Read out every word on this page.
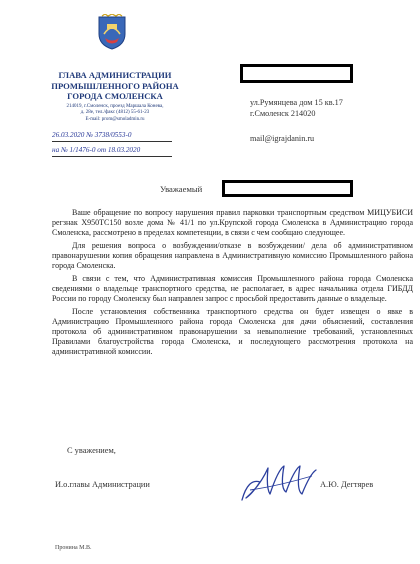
ГЛАВА АДМИНИСТРАЦИИ
ПРОМЫШЛЕННОГО РАЙОНА
ГОРОДА СМОЛЕНСКА
214019, г.Смоленск, проезд Маршала Конева,
д. 28е, тел./факс (4812) 55-61-23
E-mail: prom@smoladmin.ru
26.03.2020 № 3738/0553-0
на № 1/1476-0 от 18.03.2020
ул.Румянцева дом 15 кв.17
г.Смоленск 214020
mail@igrajdanin.ru
Уважаемый

Ваше обращение по вопросу нарушения правил парковки транспортным средством МИЦУБИСИ регзнак Х950ТС150 возле дома № 41/1 по ул.Крупской города Смоленска в Администрацию города Смоленска, рассмотрено в пределах компетенции, в связи с чем сообщаю следующее.

Для решения вопроса о возбуждении/отказе в возбуждении/ дела об административном правонарушении копия обращения направлена в Административную комиссию Промышленного района города Смоленска.

В связи с тем, что Административная комиссия Промышленного района города Смоленска сведениями о владельце транспортного средства, не располагает, в адрес начальника отдела ГИБДД России по городу Смоленску был направлен запрос с просьбой предоставить данные о владельце.

После установления собственника транспортного средства он будет извещен о явке в Администрацию Промышленного района города Смоленска для дачи объяснений, составления протокола об административном правонарушении за невыполнение требований, установленных Правилами благоустройства города Смоленска, и последующего рассмотрения протокола на административной комиссии.

С уважением,
И.о.главы Администрации	А.Ю. Дегтярев
Пронина М.В.
